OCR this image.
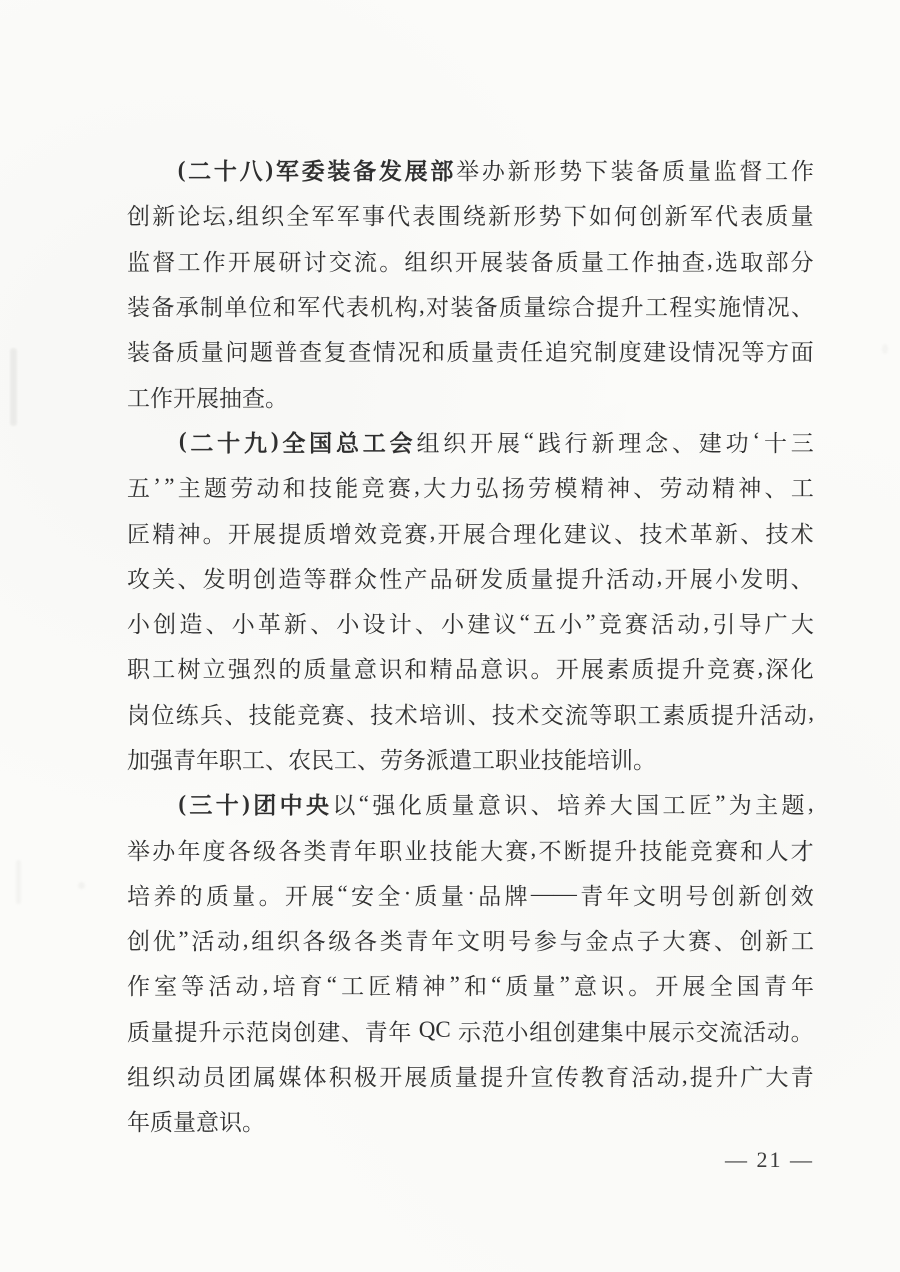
( 二 十 八 ) 军 委 装 备 发 展 部 举 办 新 形 势 下 装 备 质 量 监 督 工 作
创 新 论 坛 , 组 织 全 军 军 事 代 表 围 绕 新 形 势 下 如 何 创 新 军 代 表 质 量
监 督 工 作 开 展 研 讨 交 流 。 组 织 开 展 装 备 质 量 工 作 抽 查 , 选 取 部 分
装 备 承 制 单 位 和 军 代 表 机 构 , 对 装 备 质 量 综 合 提 升 工 程 实 施 情 况 、
装 备 质 量 问 题 普 查 复 查 情 况 和 质 量 责 任 追 究 制 度 建 设 情 况 等 方 面
工 作 开 展 抽 查 。
( 二 十 九 ) 全 国 总 工 会 组 织 开 展 “ 践 行 新 理 念 、 建 功 ‘ 十 三
五 ’ ” 主 题 劳 动 和 技 能 竞 赛 , 大 力 弘 扬 劳 模 精 神 、 劳 动 精 神 、 工
匠 精 神 。 开 展 提 质 增 效 竞 赛 , 开 展 合 理 化 建 议 、 技 术 革 新 、 技 术
攻 关 、 发 明 创 造 等 群 众 性 产 品 研 发 质 量 提 升 活 动 , 开 展 小 发 明 、
小 创 造 、 小 革 新 、 小 设 计 、 小 建 议 “ 五 小 ” 竞 赛 活 动 , 引 导 广 大
职 工 树 立 强 烈 的 质 量 意 识 和 精 品 意 识 。 开 展 素 质 提 升 竞 赛 , 深 化
岗 位 练 兵 、 技 能 竞 赛 、 技 术 培 训 、 技 术 交 流 等 职 工 素 质 提 升 活 动 ,
加 强 青 年 职 工 、 农 民 工 、 劳 务 派 遣 工 职 业 技 能 培 训 。
( 三 十 ) 团 中 央 以 “ 强 化 质 量 意 识 、 培 养 大 国 工 匠 ” 为 主 题 ,
举 办 年 度 各 级 各 类 青 年 职 业 技 能 大 赛 , 不 断 提 升 技 能 竞 赛 和 人 才
培 养 的 质 量 。 开 展 “ 安 全 · 质 量 · 品 牌 —— 青 年 文 明 号 创 新 创 效
创 优 ” 活 动 , 组 织 各 级 各 类 青 年 文 明 号 参 与 金 点 子 大 赛 、 创 新 工
作 室 等 活 动 , 培 育 “ 工 匠 精 神 ” 和 “ 质 量 ” 意 识 。 开 展 全 国 青 年
质 量 提 升 示 范 岗 创 建 、 青 年
QC
示 范 小 组 创 建 集 中 展 示 交 流 活 动 。
组 织 动 员 团 属 媒 体 积 极 开 展 质 量 提 升 宣 传 教 育 活 动 , 提 升 广 大 青
年 质 量 意 识 。
— 21 —
